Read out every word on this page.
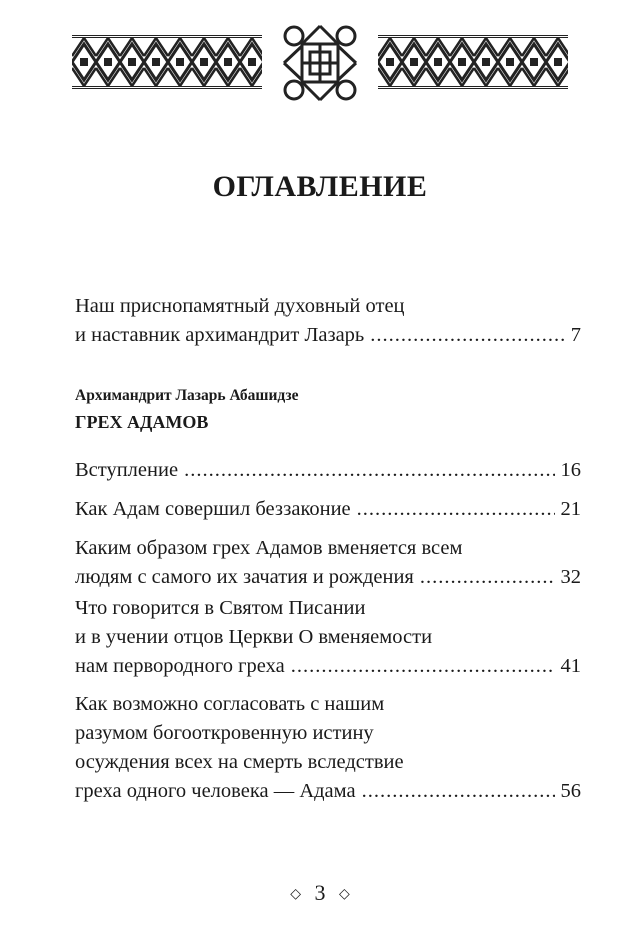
ОГЛАВЛЕНИЕ
Наш приснопамятный духовный отец
и наставник архимандрит Лазарь .....	7
Архимандрит Лазарь Абашидзе
ГРЕХ АДАМОВ
Вступление .....	16
Как Адам совершил беззаконие .....	21
Каким образом грех Адамов вменяется всем
людям с самого их зачатия и рождения .....	32
Что говорится в Святом Писании
и в учении отцов Церкви О вменяемости
нам первородного греха .....	41
Как возможно согласовать с нашим
разумом богооткровенную истину
осуждения всех на смерть вследствие
греха одного человека — Адама .....	56
◇ 3 ◇
